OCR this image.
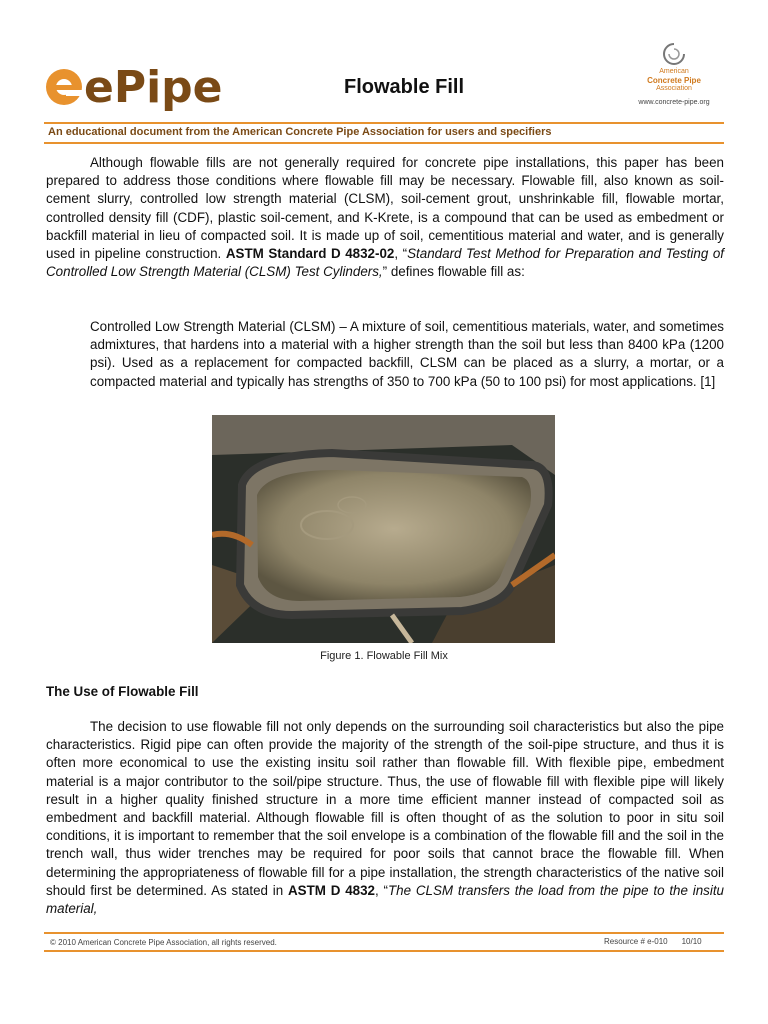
ePipe	Flowable Fill
American
Concrete Pipe
Association
www.concrete-pipe.org
An educational document from the American Concrete Pipe Association for users and specifiers
Although flowable fills are not generally required for concrete pipe installations, this paper has been prepared to address those conditions where flowable fill may be necessary. Flowable fill, also known as soil-cement slurry, controlled low strength material (CLSM), soil-cement grout, unshrinkable fill, flowable mortar, controlled density fill (CDF), plastic soil-cement, and K-Krete, is a compound that can be used as embedment or backfill material in lieu of compacted soil. It is made up of soil, cementitious material and water, and is generally used in pipeline construction. ASTM Standard D 4832-02, “Standard Test Method for Preparation and Testing of Controlled Low Strength Material (CLSM) Test Cylinders,” defines flowable fill as:
Controlled Low Strength Material (CLSM) – A mixture of soil, cementitious materials, water, and sometimes admixtures, that hardens into a material with a higher strength than the soil but less than 8400 kPa (1200 psi). Used as a replacement for compacted backfill, CLSM can be placed as a slurry, a mortar, or a compacted material and typically has strengths of 350 to 700 kPa (50 to 100 psi) for most applications. [1]
Figure 1. Flowable Fill Mix
The Use of Flowable Fill
The decision to use flowable fill not only depends on the surrounding soil characteristics but also the pipe characteristics. Rigid pipe can often provide the majority of the strength of the soil-pipe structure, and thus it is often more economical to use the existing insitu soil rather than flowable fill. With flexible pipe, embedment material is a major contributor to the soil/pipe structure. Thus, the use of flowable fill with flexible pipe will likely result in a higher quality finished structure in a more time efficient manner instead of compacted soil as embedment and backfill material. Although flowable fill is often thought of as the solution to poor in situ soil conditions, it is important to remember that the soil envelope is a combination of the flowable fill and the soil in the trench wall, thus wider trenches may be required for poor soils that cannot brace the flowable fill. When determining the appropriateness of flowable fill for a pipe installation, the strength characteristics of the native soil should first be determined. As stated in ASTM D 4832, “The CLSM transfers the load from the pipe to the insitu material,
© 2010 American Concrete Pipe Association, all rights reserved.	Resource # e-010 10/10
